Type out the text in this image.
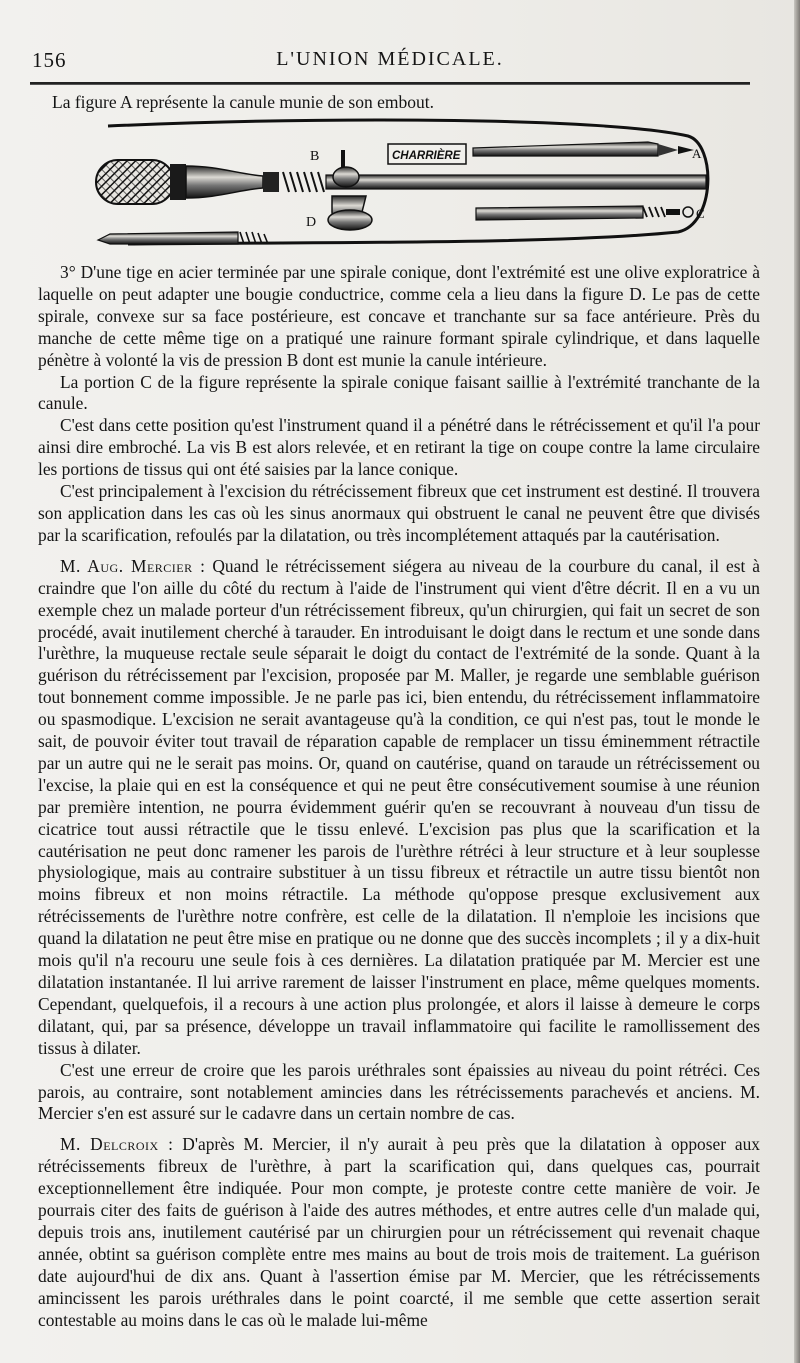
156	L'UNION MÉDICALE.
La figure A représente la canule munie de son embout.
B
D
CHARRIÈRE	A
C

3° D'une tige en acier terminée par une spirale conique, dont l'extrémité est une olive exploratrice à laquelle on peut adapter une bougie conductrice, comme cela a lieu dans la figure D. Le pas de cette spirale, convexe sur sa face postérieure, est concave et tranchante sur sa face antérieure. Près du manche de cette même tige on a pratiqué une rainure formant spirale cylindrique, et dans laquelle pénètre à volonté la vis de pression B dont est munie la canule intérieure.

La portion C de la figure représente la spirale conique faisant saillie à l'extrémité tranchante de la canule.

C'est dans cette position qu'est l'instrument quand il a pénétré dans le rétrécissement et qu'il l'a pour ainsi dire embroché. La vis B est alors relevée, et en retirant la tige on coupe contre la lame circulaire les portions de tissus qui ont été saisies par la lance conique.

C'est principalement à l'excision du rétrécissement fibreux que cet instrument est destiné. Il trouvera son application dans les cas où les sinus anormaux qui obstruent le canal ne peuvent être que divisés par la scarification, refoulés par la dilatation, ou très incomplétement attaqués par la cautérisation.

M. Aug. Mercier : Quand le rétrécissement siégera au niveau de la courbure du canal, il est à craindre que l'on aille du côté du rectum à l'aide de l'instrument qui vient d'être décrit. Il en a vu un exemple chez un malade porteur d'un rétrécissement fibreux, qu'un chirurgien, qui fait un secret de son procédé, avait inutilement cherché à tarauder. En introduisant le doigt dans le rectum et une sonde dans l'urèthre, la muqueuse rectale seule séparait le doigt du contact de l'extrémité de la sonde. Quant à la guérison du rétrécissement par l'excision, proposée par M. Maller, je regarde une semblable guérison tout bonnement comme impossible. Je ne parle pas ici, bien entendu, du rétrécissement inflammatoire ou spasmodique. L'excision ne serait avantageuse qu'à la condition, ce qui n'est pas, tout le monde le sait, de pouvoir éviter tout travail de réparation capable de remplacer un tissu éminemment rétractile par un autre qui ne le serait pas moins. Or, quand on cautérise, quand on taraude un rétrécissement ou l'excise, la plaie qui en est la conséquence et qui ne peut être consécutivement soumise à une réunion par première intention, ne pourra évidemment guérir qu'en se recouvrant à nouveau d'un tissu de cicatrice tout aussi rétractile que le tissu enlevé. L'excision pas plus que la scarification et la cautérisation ne peut donc ramener les parois de l'urèthre rétréci à leur structure et à leur souplesse physiologique, mais au contraire substituer à un tissu fibreux et rétractile un autre tissu bientôt non moins fibreux et non moins rétractile. La méthode qu'oppose presque exclusivement aux rétrécissements de l'urèthre notre confrère, est celle de la dilatation. Il n'emploie les incisions que quand la dilatation ne peut être mise en pratique ou ne donne que des succès incomplets ; il y a dix-huit mois qu'il n'a recouru une seule fois à ces dernières. La dilatation pratiquée par M. Mercier est une dilatation instantanée. Il lui arrive rarement de laisser l'instrument en place, même quelques moments. Cependant, quelquefois, il a recours à une action plus prolongée, et alors il laisse à demeure le corps dilatant, qui, par sa présence, développe un travail inflammatoire qui facilite le ramollissement des tissus à dilater.

C'est une erreur de croire que les parois uréthrales sont épaissies au niveau du point rétréci. Ces parois, au contraire, sont notablement amincies dans les rétrécissements parachevés et anciens. M. Mercier s'en est assuré sur le cadavre dans un certain nombre de cas.

M. Delcroix : D'après M. Mercier, il n'y aurait à peu près que la dilatation à opposer aux rétrécissements fibreux de l'urèthre, à part la scarification qui, dans quelques cas, pourrait exceptionnellement être indiquée. Pour mon compte, je proteste contre cette manière de voir. Je pourrais citer des faits de guérison à l'aide des autres méthodes, et entre autres celle d'un malade qui, depuis trois ans, inutilement cautérisé par un chirurgien pour un rétrécissement qui revenait chaque année, obtint sa guérison complète entre mes mains au bout de trois mois de traitement. La guérison date aujourd'hui de dix ans. Quant à l'assertion émise par M. Mercier, que les rétrécissements amincissent les parois uréthrales dans le point coarcté, il me semble que cette assertion serait contestable au moins dans le cas où le malade lui-même
